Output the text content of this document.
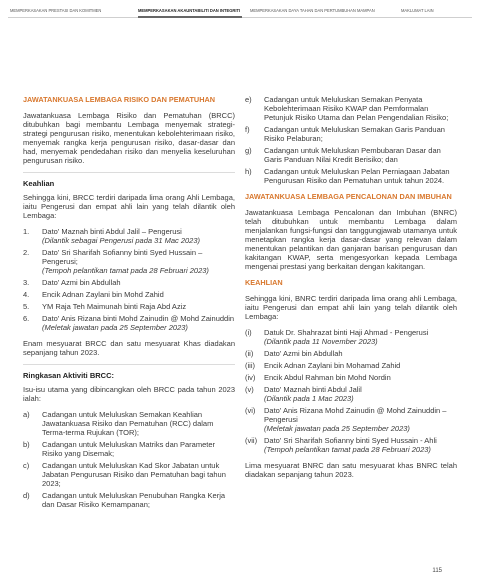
MEMPERKASAKAN PRESTASI DAN KOMITMEN	MEMPERKASAKAN AKAUNTABILITI DAN INTEGRITI MEMPERKASAKAN DAYA TAHAN DAN PERTUMBUHAN MAMPAN	MAKLUMAT LAIN
JAWATANKUASA LEMBAGA RISIKO DAN PEMATUHAN

Jawatankuasa Lembaga Risiko dan Pematuhan (BRCC) ditubuhkan bagi membantu Lembaga menyemak strategi-strategi pengurusan risiko, menentukan kebolehterimaan risiko, menyemak rangka kerja pengurusan risiko, dasar-dasar dan had, menyemak pendedahan risiko dan menyelia keseluruhan pengurusan risiko.

Keahlian

Sehingga kini, BRCC terdiri daripada lima orang Ahli Lembaga, iaitu Pengerusi dan empat ahli lain yang telah dilantik oleh Lembaga:

1. Dato' Maznah binti Abdul Jalil – Pengerusi
(Dilantik sebagai Pengerusi pada 31 Mac 2023)
2. Dato' Sri Sharifah Sofianny binti Syed Hussain – Pengerusi;
(Tempoh pelantikan tamat pada 28 Februari 2023)
3. Dato' Azmi bin Abdullah
4. Encik Adnan Zaylani bin Mohd Zahid
5. YM Raja Teh Maimunah binti Raja Abd Aziz
6. Dato' Anis Rizana binti Mohd Zainudin @ Mohd Zainuddin
(Meletak jawatan pada 25 September 2023)

Enam mesyuarat BRCC dan satu mesyuarat Khas diadakan sepanjang tahun 2023.

Ringkasan Aktiviti BRCC:

Isu-isu utama yang dibincangkan oleh BRCC pada tahun 2023 ialah:

a) Cadangan untuk Meluluskan Semakan Keahlian Jawatankuasa Risiko dan Pematuhan (RCC) dalam Terma-terma Rujukan (TOR);
b) Cadangan untuk Meluluskan Matriks dan Parameter Risiko yang Disemak;
c) Cadangan untuk Meluluskan Kad Skor Jabatan untuk Jabatan Pengurusan Risiko dan Pematuhan bagi tahun 2023;
d) Cadangan untuk Meluluskan Penubuhan Rangka Kerja dan Dasar Risiko Kemampanan;
e) Cadangan untuk Meluluskan Semakan Penyata Kebolehterimaan Risiko KWAP dan Pemformalan Petunjuk Risiko Utama dan Pelan Pengendalian Risiko;
f) Cadangan untuk Meluluskan Semakan Garis Panduan Risiko Pelaburan;
g) Cadangan untuk Meluluskan Pembubaran Dasar dan Garis Panduan Nilai Kredit Berisiko; dan
h) Cadangan untuk Meluluskan Pelan Perniagaan Jabatan Pengurusan Risiko dan Pematuhan untuk tahun 2024.
JAWATANKUASA LEMBAGA PENCALONAN DAN IMBUHAN

Jawatankuasa Lembaga Pencalonan dan Imbuhan (BNRC) telah ditubuhkan untuk membantu Lembaga dalam menjalankan fungsi-fungsi dan tanggungjawab utamanya untuk menetapkan rangka kerja dasar-dasar yang relevan dalam menentukan pelantikan dan ganjaran barisan pengurusan dan kakitangan KWAP, serta mengesyorkan kepada Lembaga mengenai prestasi yang berkaitan dengan kakitangan.

KEAHLIAN

Sehingga kini, BNRC terdiri daripada lima orang ahli Lembaga, iaitu Pengerusi dan empat ahli lain yang telah dilantik oleh Lembaga:

(i) Datuk Dr. Shahrazat binti Haji Ahmad - Pengerusi
(Dilantik pada 11 November 2023)
(ii) Dato' Azmi bin Abdullah
(iii) Encik Adnan Zaylani bin Mohamad Zahid
(iv) Encik Abdul Rahman bin Mohd Nordin
(v) Dato' Maznah binti Abdul Jalil
(Dilantik pada 1 Mac 2023)
(vi) Dato' Anis Rizana Mohd Zainudin @ Mohd Zainuddin – Pengerusi
(Meletak jawatan pada 25 September 2023)
(vii) Dato' Sri Sharifah Sofianny binti Syed Hussain - Ahli
(Tempoh pelantikan tamat pada 28 Februari 2023)

Lima mesyuarat BNRC dan satu mesyuarat khas BNRC telah diadakan sepanjang tahun 2023.

115
